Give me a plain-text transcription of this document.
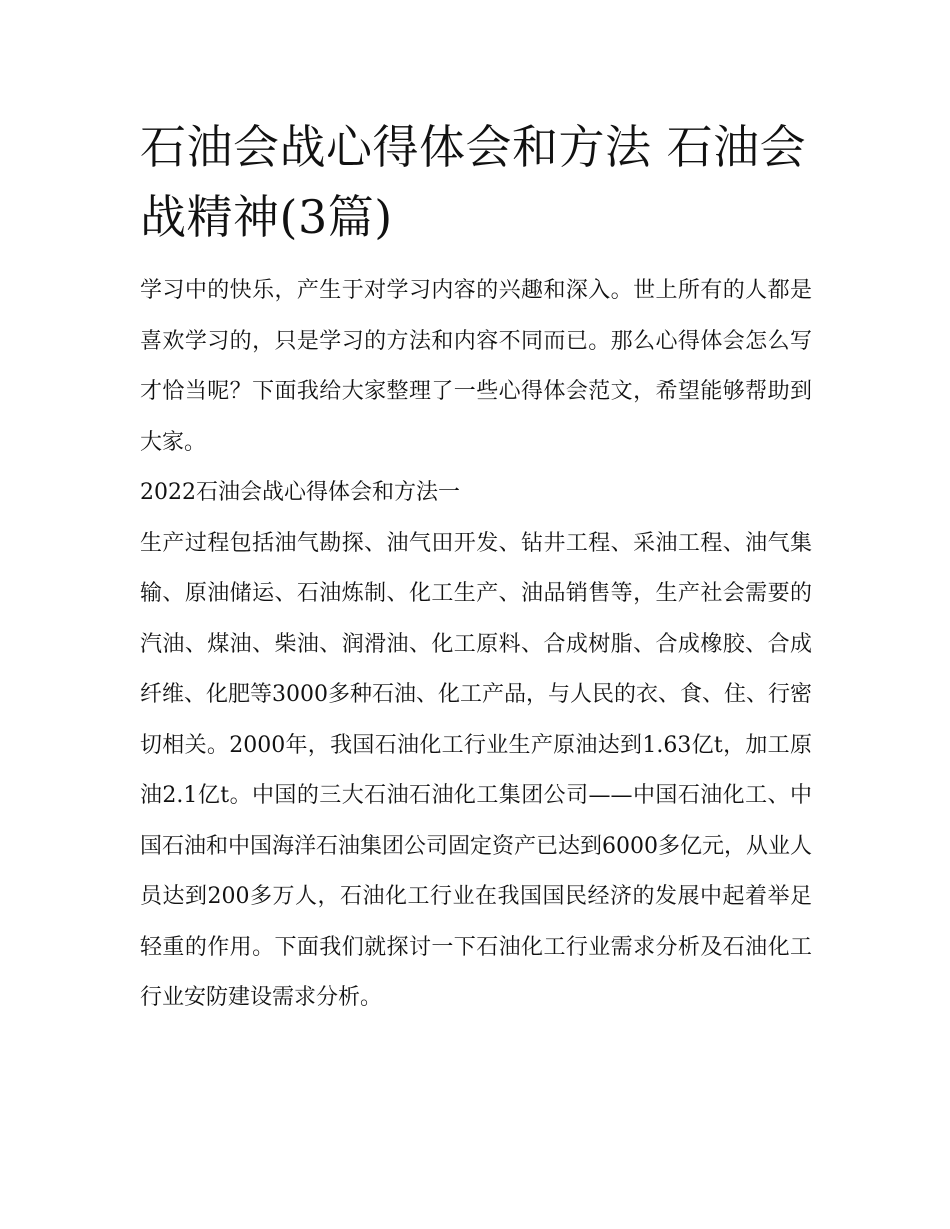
石油会战心得体会和方法 石油会战精神(3篇)

学习中的快乐，产生于对学习内容的兴趣和深入。世上所有的人都是喜欢学习的，只是学习的方法和内容不同而已。那么心得体会怎么写才恰当呢？下面我给大家整理了一些心得体会范文，希望能够帮助到大家。

2022石油会战心得体会和方法一

生产过程包括油气勘探、油气田开发、钻井工程、采油工程、油气集输、原油储运、石油炼制、化工生产、油品销售等，生产社会需要的汽油、煤油、柴油、润滑油、化工原料、合成树脂、合成橡胶、合成纤维、化肥等3000多种石油、化工产品，与人民的衣、食、住、行密切相关。2000年，我国石油化工行业生产原油达到1.63亿t，加工原油2.1亿t。中国的三大石油石油化工集团公司——中国石油化工、中国石油和中国海洋石油集团公司固定资产已达到6000多亿元，从业人员达到200多万人，石油化工行业在我国国民经济的发展中起着举足轻重的作用。下面我们就探讨一下石油化工行业需求分析及石油化工行业安防建设需求分析。
